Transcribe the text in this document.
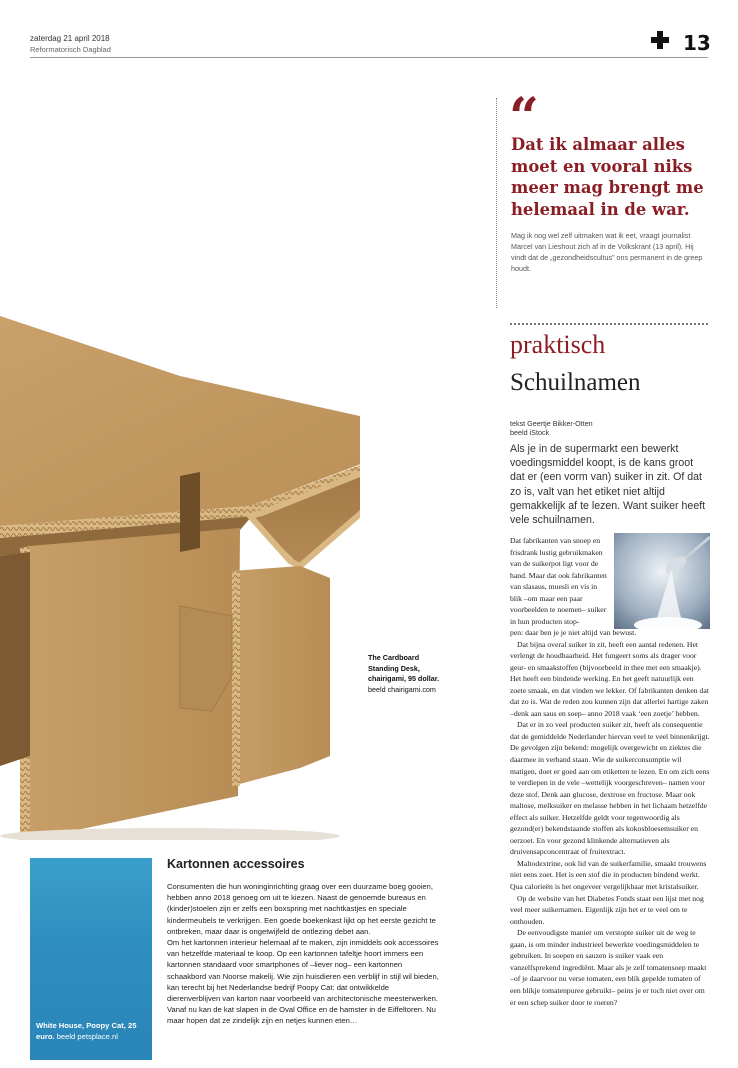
zaterdag 21 april 2018
Reformatorisch Dagblad	13
The Cardboard Standing Desk, chairigami, 95 dollar. beeld chairigami.com
“
Dat ik almaar alles moet en vooral niks meer mag brengt me helemaal in de war.
Mag ik nog wel zelf uitmaken wat ik eet, vraagt journalist Marcel van Lieshout zich af in de Volkskrant (13 april). Hij vindt dat de „gezondheidscultus” ons permanent in de greep houdt.
praktisch
Schuilnamen
tekst Geertje Bikker-Otten
beeld iStock
Als je in de supermarkt een bewerkt voedingsmiddel koopt, is de kans groot dat er (een vorm van) suiker in zit. Of dat zo is, valt van het etiket niet altijd gemakkelijk af te lezen. Want suiker heeft vele schuilnamen.

Dat fabrikanten van snoep en frisdrank lustig gebruikmaken van de suikerpot ligt voor de hand. Maar dat ook fabrikanten van slasaus, muesli en vis in blik –om maar een paar voorbeelden te noemen– suiker in hun producten stop-

pen: daar ben je je niet altijd van bewust.

Dat bijna overal suiker in zit, heeft een aantal redenen. Het verlengt de houdbaarheid. Het fungeert soms als drager voor geur- en smaakstoffen (bijvoorbeeld in thee met een smaakje). Het heeft een bindende werking. En het geeft natuurlijk een zoete smaak, en dat vinden we lekker. Of fabrikanten denken dat dat zo is. Wat de reden zou kunnen zijn dat allerlei hartige zaken –denk aan saus en soep– anno 2018 vaak ‘een zoetje’ hebben.

Dat er in zo veel producten suiker zit, heeft als consequentie dat de gemiddelde Nederlander hiervan veel te veel binnenkrijgt. De gevolgen zijn bekend: mogelijk overgewicht en ziektes die daarmee in verband staan. Wie de suikerconsumptie wil matigen, doet er goed aan om etiketten te lezen. En om zich eens te verdiepen in de vele –wettelijk voorgeschreven– namen voor deze stof. Denk aan glucose, dextrose en fructose. Maar ook maltose, melksuiker en melasse hebben in het lichaam hetzelfde effect als suiker. Hetzelfde geldt voor tegenwoordig als gezond(er) bekendstaande stoffen als kokosbloesemsuiker en oerzoet. En voor gezond klinkende alternatieven als druivensapconcentraat of fruitextract.

Maltodextrine, ook lid van de suikerfamilie, smaakt trouwens niet eens zoet. Het is een stof die in producten bindend werkt. Qua calorieën is het ongeveer vergelijkbaar met kristalsuiker.

Op de website van het Diabetes Fonds staat een lijst met nog veel meer suikernamen. Eigenlijk zijn het er te veel om te onthouden.

De eenvoudigste manier om verstopte suiker uit de weg te gaan, is om minder industrieel bewerkte voedingsmiddelen te gebruiken. In soepen en sauzen is suiker vaak een vanzelfsprekend ingrediënt. Maar als je zelf tomatensoep maakt –of je daarvoor nu verse tomaten, een blik gepelde tomaten of een blikje tomatenpuree gebruikt– peins je er toch niet over om er een schep suiker door te roeren?

White House, Poopy Cat, 25 euro. beeld petsplace.nl
Kartonnen accessoires

Consumenten die hun woninginrichting graag over een duurzame boeg gooien, hebben anno 2018 genoeg om uit te kiezen. Naast de genoemde bureaus en (kinder)stoelen zijn er zelfs een boxspring met nachtkastjes en speciale kindermeubels te verkrijgen. Een goede boekenkast lijkt op het eerste gezicht te ontbreken, maar daar is ongetwijfeld de ontlezing debet aan.

Om het kartonnen interieur helemaal af te maken, zijn inmiddels ook accessoires van hetzelfde materiaal te koop. Op een kartonnen tafeltje hoort immers een kartonnen standaard voor smartphones of –liever nog– een kartonnen schaakbord van Noorse makelij. Wie zijn huisdieren een verblijf in stijl wil bieden, kan terecht bij het Nederlandse bedrijf Poopy Cat: dat ontwikkelde dierenverblijven van karton naar voorbeeld van architectonische meesterwerken. Vanaf nu kan de kat slapen in de Oval Office en de hamster in de Eiffeltoren. Nu maar hopen dat ze zindelijk zijn en netjes kunnen eten…
